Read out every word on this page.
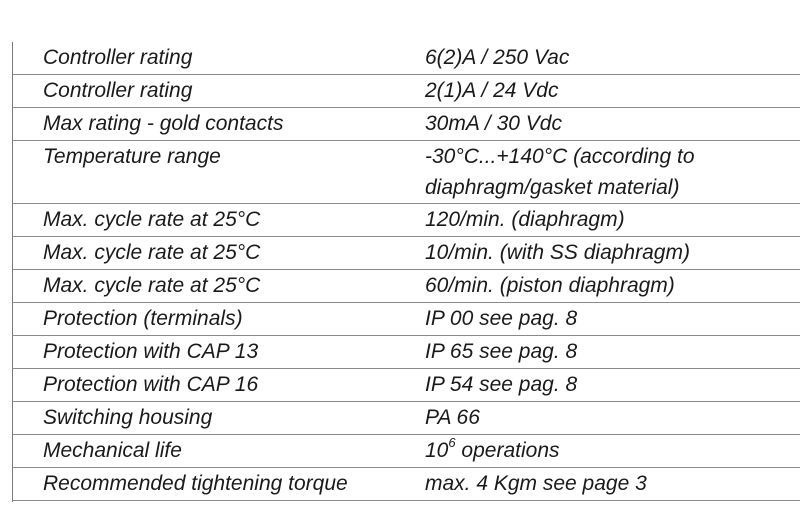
Controller rating	6(2)A / 250 Vac
Controller rating	2(1)A / 24 Vdc
Max rating - gold contacts	30mA / 30 Vdc
Temperature range	-30°C...+140°C (according to
diaphragm/gasket material)
Max. cycle rate at 25°C	120/min. (diaphragm)
Max. cycle rate at 25°C	10/min. (with SS diaphragm)
Max. cycle rate at 25°C	60/min. (piston diaphragm)
Protection (terminals)	IP 00 see pag. 8
Protection with CAP 13	IP 65 see pag. 8
Protection with CAP 16	IP 54 see pag. 8
Switching housing	PA 66
Mechanical life	$10^6$ operations
Recommended tightening torque	max. 4 Kgm see page 3
